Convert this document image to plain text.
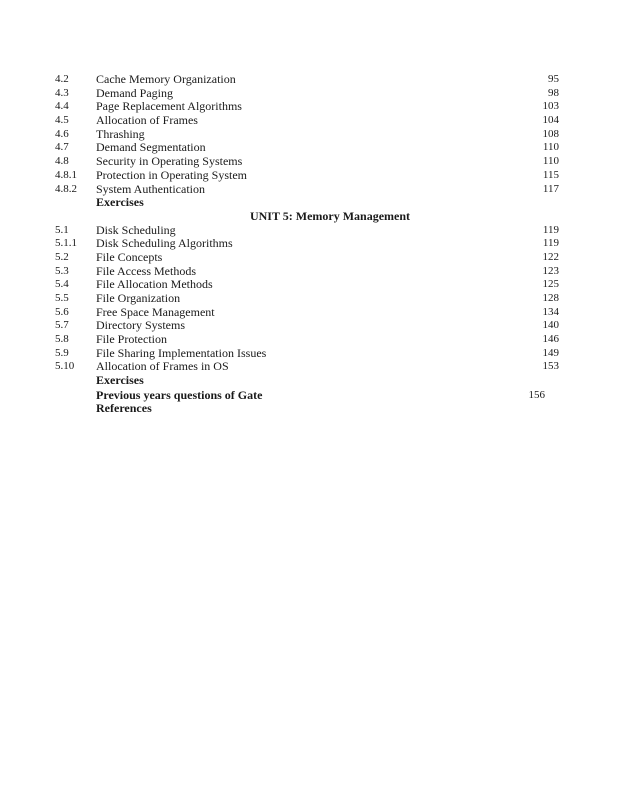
4.2 Cache Memory Organization	95
4.3 Demand Paging	98
4.4 Page Replacement Algorithms	103
4.5 Allocation of Frames	104
4.6 Thrashing	108
4.7 Demand Segmentation	110
4.8 Security in Operating Systems	110
4.8.1 Protection in Operating System	115
4.8.2 System Authentication	117
Exercises
UNIT 5: Memory Management
5.1 Disk Scheduling	119
5.1.1 Disk Scheduling Algorithms	119
5.2 File Concepts	122
5.3 File Access Methods	123
5.4 File Allocation Methods	125
5.5 File Organization	128
5.6 Free Space Management	134
5.7 Directory Systems	140
5.8 File Protection	146
5.9 File Sharing Implementation Issues	149
5.10 Allocation of Frames in OS	153
Exercises
Previous years questions of Gate	156
References
